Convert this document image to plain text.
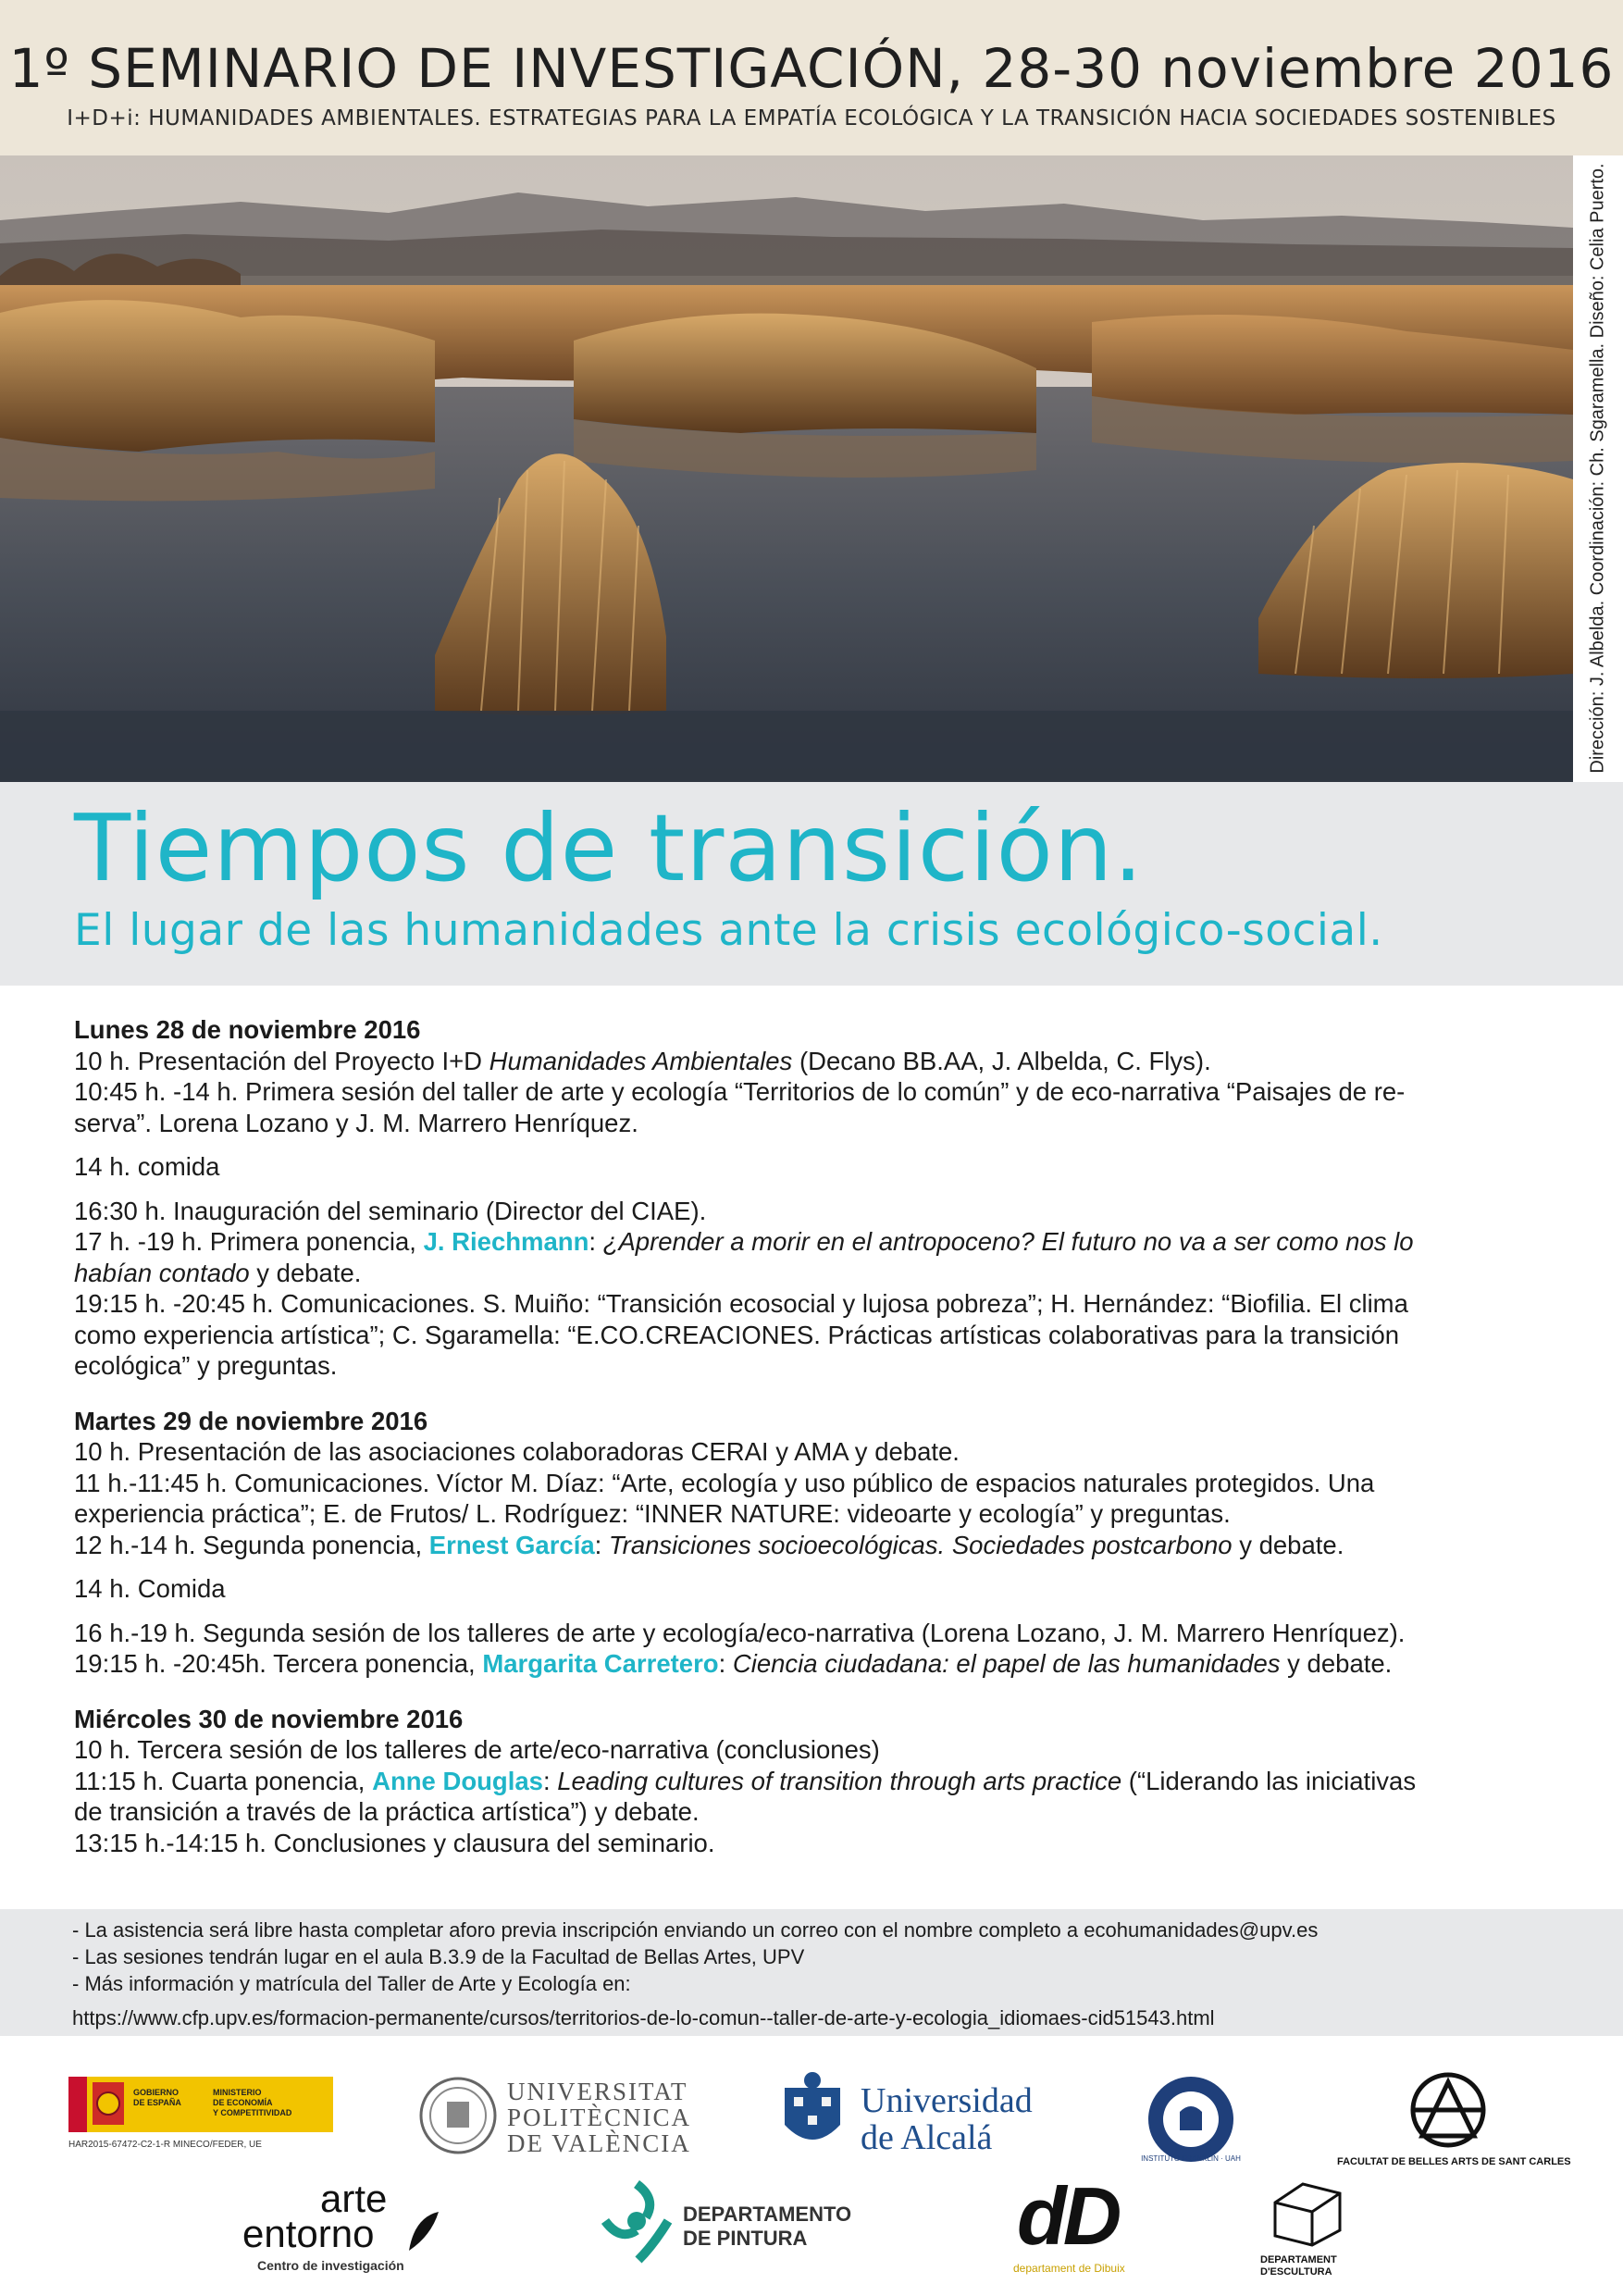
1º SEMINARIO DE INVESTIGACIÓN, 28-30 noviembre 2016
I+D+i: HUMANIDADES AMBIENTALES. ESTRATEGIAS PARA LA EMPATÍA ECOLÓGICA Y LA TRANSICIÓN HACIA SOCIEDADES SOSTENIBLES
Dirección: J. Albelda. Coordinación: Ch. Sgaramella. Diseño: Celia Puerto.
Tiempos de transición.
El lugar de las humanidades ante la crisis ecológico-social.
Lunes 28 de noviembre 2016
10 h. Presentación del Proyecto I+D Humanidades Ambientales (Decano BB.AA, J. Albelda, C. Flys).
10:45 h. -14 h. Primera sesión del taller de arte y ecología “Territorios de lo común” y de eco-narrativa “Paisajes de re-
serva”. Lorena Lozano y J. M. Marrero Henríquez.
14 h. comida
16:30 h. Inauguración del seminario (Director del CIAE).
17 h. -19 h. Primera ponencia, J. Riechmann: ¿Aprender a morir en el antropoceno? El futuro no va a ser como nos lo
habían contado y debate.
19:15 h. -20:45 h. Comunicaciones. S. Muiño: “Transición ecosocial y lujosa pobreza”; H. Hernández: “Biofilia. El clima
como experiencia artística”; C. Sgaramella: “E.CO.CREACIONES. Prácticas artísticas colaborativas para la transición
ecológica” y preguntas.
Martes 29 de noviembre 2016
10 h. Presentación de las asociaciones colaboradoras CERAI y AMA y debate.
11 h.-11:45 h. Comunicaciones. Víctor M. Díaz: “Arte, ecología y uso público de espacios naturales protegidos. Una
experiencia práctica”; E. de Frutos/ L. Rodríguez: “INNER NATURE: videoarte y ecología” y preguntas.
12 h.-14 h. Segunda ponencia, Ernest García: Transiciones socioecológicas. Sociedades postcarbono y debate.
14 h. Comida
16 h.-19 h. Segunda sesión de los talleres de arte y ecología/eco-narrativa (Lorena Lozano, J. M. Marrero Henríquez).
19:15 h. -20:45h. Tercera ponencia, Margarita Carretero: Ciencia ciudadana: el papel de las humanidades y debate.
Miércoles 30 de noviembre 2016
10 h. Tercera sesión de los talleres de arte/eco-narrativa (conclusiones)
11:15 h. Cuarta ponencia, Anne Douglas: Leading cultures of transition through arts practice (“Liderando las iniciativas
de transición a través de la práctica artística”) y debate.
13:15 h.-14:15 h. Conclusiones y clausura del seminario.
- La asistencia será libre hasta completar aforo previa inscripción enviando un correo con el nombre completo a ecohumanidades@upv.es
- Las sesiones tendrán lugar en el aula B.3.9 de la Facultad de Bellas Artes, UPV
- Más información y matrícula del Taller de Arte y Ecología en:
https://www.cfp.upv.es/formacion-permanente/cursos/territorios-de-lo-comun--taller-de-arte-y-ecologia_idiomaes-cid51543.html
GOBIERNO
DE ESPAÑA
MINISTERIO
DE ECONOMÍA
Y COMPETITIVIDAD
HAR2015-67472-C2-1-R MINECO/FEDER, UE
UNIVERSITAT
POLITÈCNICA
DE VALÈNCIA
Universidad
de Alcalá
INSTITUTO FRANKLIN · UAH	FACULTAT DE BELLES ARTS DE SANT CARLES
arte
entorno
Centro de investigación
DEPARTAMENTO
DE PINTURA	dD
departament de Dibuix
DEPARTAMENT
D'ESCULTURA
